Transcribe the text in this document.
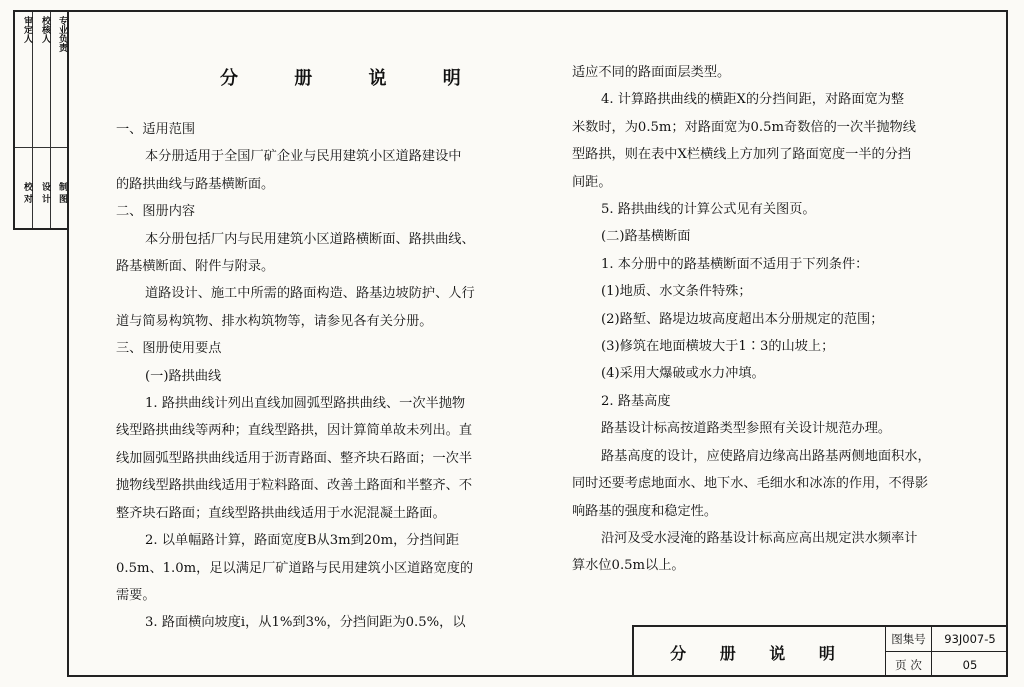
审定人
校 对
校核人
设 计
专业负责
制 图
分 册 说 明

一、适用范围

本分册适用于全国厂矿企业与民用建筑小区道路建设中

的路拱曲线与路基横断面。

二、图册内容

本分册包括厂内与民用建筑小区道路横断面、路拱曲线、

路基横断面、附件与附录。

道路设计、施工中所需的路面构造、路基边坡防护、人行

道与简易构筑物、排水构筑物等，请参见各有关分册。

三、图册使用要点

(一)路拱曲线

1. 路拱曲线计列出直线加圆弧型路拱曲线、一次半抛物

线型路拱曲线等两种；直线型路拱，因计算简单故未列出。直

线加圆弧型路拱曲线适用于沥青路面、整齐块石路面；一次半

抛物线型路拱曲线适用于粒料路面、改善土路面和半整齐、不

整齐块石路面；直线型路拱曲线适用于水泥混凝土路面。

2. 以单幅路计算，路面宽度B从3m到20m，分挡间距

0.5m、1.0m，足以满足厂矿道路与民用建筑小区道路宽度的

需要。

3. 路面横向坡度i，从1%到3%，分挡间距为0.5%，以

适应不同的路面面层类型。

4. 计算路拱曲线的横距X的分挡间距，对路面宽为整

米数时，为0.5m；对路面宽为0.5m奇数倍的一次半抛物线

型路拱，则在表中X栏横线上方加列了路面宽度一半的分挡

间距。

5. 路拱曲线的计算公式见有关图页。

(二)路基横断面

1. 本分册中的路基横断面不适用于下列条件：

(1)地质、水文条件特殊；

(2)路堑、路堤边坡高度超出本分册规定的范围；

(3)修筑在地面横坡大于1∶3的山坡上；

(4)采用大爆破或水力冲填。

2. 路基高度

路基设计标高按道路类型参照有关设计规范办理。

路基高度的设计，应使路肩边缘高出路基两侧地面积水，

同时还要考虑地面水、地下水、毛细水和冰冻的作用，不得影

响路基的强度和稳定性。

沿河及受水浸淹的路基设计标高应高出规定洪水频率计

算水位0.5m以上。

分 册 说 明
图集号	93J007-5
页 次	05
